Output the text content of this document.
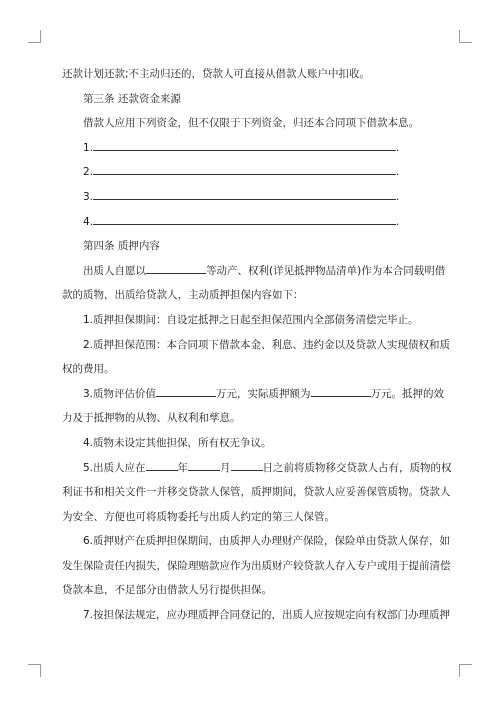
还款计划还款;不主动归还的，贷款人可直接从借款人账户中扣收。
第三条 还款资金来源
借款人应用下列资金，但不仅限于下列资金，归还本合同项下借款本息。
1.	.
2.	.
3.	.
4.	.
第四条 质押内容
出质人自愿以	等动产、权利(详见抵押物品清单)作为本合同载明借
款的质物，出质给贷款人，主动质押担保内容如下：
1.质押担保期间：自设定抵押之日起至担保范围内全部债务清偿完毕止。
2.质押担保范围：本合同项下借款本金、利息、违约金以及贷款人实现债权和质
权的费用。
3.质物评估价值	万元，实际质押额为	万元。抵押的效
力及于抵押物的从物、从权利和孳息。
4.质物未设定其他担保，所有权无争议。
5.出质人应在	年	月	日之前将质物移交贷款人占有，质物的权
利证书和相关文件一并移交贷款人保管，质押期间，贷款人应妥善保管质物。贷款人
为安全、方便也可将质物委托与出质人约定的第三人保管。
6.质押财产在质押担保期间，由质押人办理财产保险，保险单由贷款人保存，如
发生保险责任内损失，保险理赔款应作为出质财产较贷款人存入专户或用于提前清偿
贷款本息，不足部分由借款人另行提供担保。
7.按担保法规定，应办理质押合同登记的，出质人应按规定向有权部门办理质押
